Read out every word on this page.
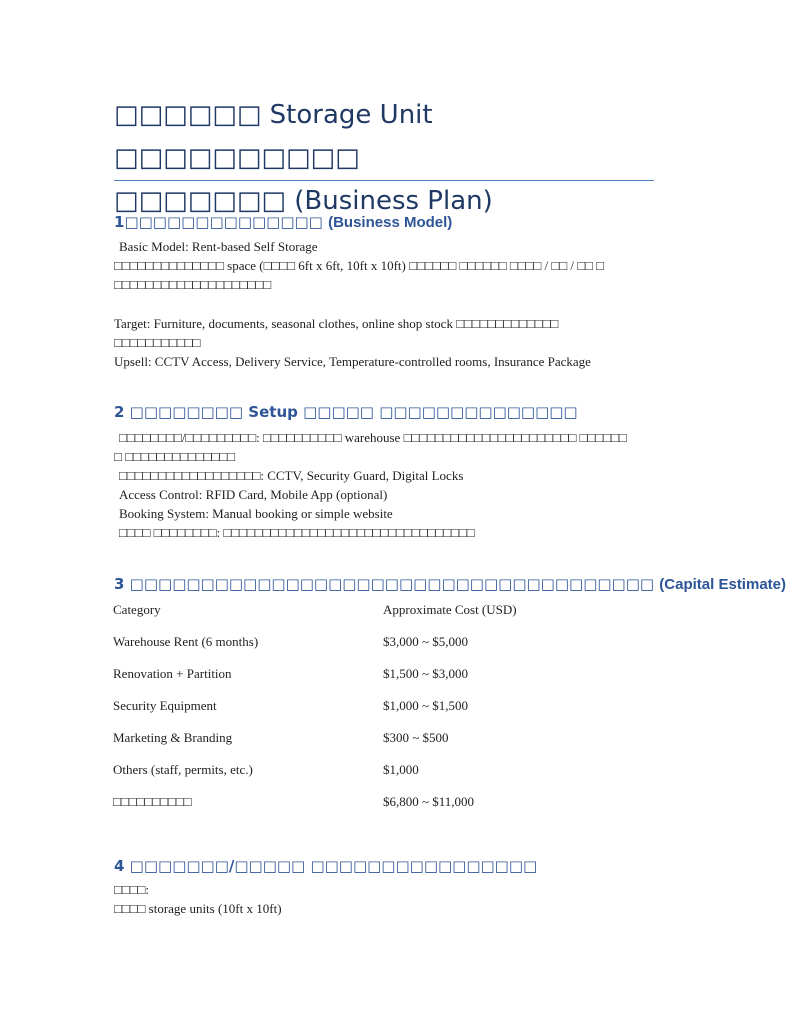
□□□□□□ Storage Unit □□□□□□□□□□
□□□□□□□ (Business Plan)
1□□□□□□□□□□□□□□ (Business Model)

Basic Model: Rent-based Self Storage

□□□□□□□□□□□□□□ space (□□□□ 6ft x 6ft, 10ft x 10ft) □□□□□□ □□□□□□ □□□□ / □□ / □□ □

□□□□□□□□□□□□□□□□□□□□

Target: Furniture, documents, seasonal clothes, online shop stock □□□□□□□□□□□□□

□□□□□□□□□□□

Upsell: CCTV Access, Delivery Service, Temperature-controlled rooms, Insurance Package

2 □□□□□□□□ Setup □□□□□ □□□□□□□□□□□□□□

□□□□□□□□/□□□□□□□□□: □□□□□□□□□□ warehouse □□□□□□□□□□□□□□□□□□□□□□ □□□□□□

□ □□□□□□□□□□□□□□

□□□□□□□□□□□□□□□□□□: CCTV, Security Guard, Digital Locks

Access Control: RFID Card, Mobile App (optional)

Booking System: Manual booking or simple website

□□□□ □□□□□□□□: □□□□□□□□□□□□□□□□□□□□□□□□□□□□□□□□

3 □□□□□□□□□□□□□□□□□□□□□□□□□□□□□□□□□□□□□ (Capital Estimate)
Category	Approximate Cost (USD)
Warehouse Rent (6 months)	$3,000 ~ $5,000
Renovation + Partition	$1,500 ~ $3,000
Security Equipment	$1,000 ~ $1,500
Marketing & Branding	$300 ~ $500
Others (staff, permits, etc.)	$1,000
□□□□□□□□□□	$6,800 ~ $11,000
4 □□□□□□□/□□□□□ □□□□□□□□□□□□□□□□

□□□□:

□□□□ storage units (10ft x 10ft)
